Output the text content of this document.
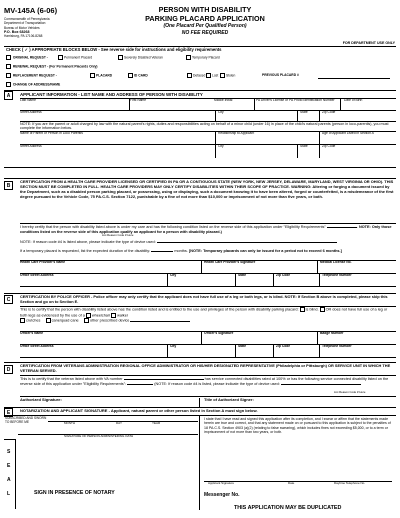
MV-145A (6-06)
Commonwealth of Pennsylvania
Department of Transportation
Bureau of Motor Vehicles
P.O. Box 68268
Harrisburg, PA 17106-8268
PERSON WITH DISABILITY
PARKING PLACARD APPLICATION
(One Placard Per Qualified Person)
NO FEE REQUIRED
FOR DEPARTMENT USE ONLY
CHECK ( ✓ ) APPROPRIATE BLOCKS BELOW - See reverse side for instructions and eligibility requirements
ORIGINAL REQUEST -	Permanent Placard	Severely Disabled Veteran	Temporary Placard
RENEWAL REQUEST - (For Permanent Placards Only)
REPLACEMENT REQUEST -	PLACARD	ID CARD	Defaced	Lost	Stolen	PREVIOUS PLACARD #
CHANGE OF ADDRESS/NAME
A	APPLICANT INFORMATION - LIST NAME AND ADDRESS OF PERSON WITH DISABILITY
Last Name	First Name	Middle Initial	PA Driver's License or PA Photo Identification Number	Date of Birth
Street Address	City	State	Zip Code
NOTE: If you are the parent or adult charged by law with the natural parent's rights, duties and responsibilities acting on behalf of a minor child (under 16) in place of the child's natural parents (person in loco-parentis), you must complete the information below.
Name of Parent or Person in Loco Parentis	Relationship to Applicant	Age of Applicant Listed in Section A
Street Address	City	State	Zip Code
B
CERTIFICATION FROM A HEALTH CARE PROVIDER LICENSED OR CERTIFIED IN PA OR A CONTIGUOUS STATE (NEW YORK, NEW JERSEY, DELAWARE, MARYLAND, WEST VIRGINIA OR OHIO). THIS SECTION MUST BE COMPLETED IN FULL. HEALTH CARE PROVIDERS MAY ONLY CERTIFY DISABILITIES WITHIN THEIR SCOPE OF PRACTICE. WARNING: Altering or forging a document issued by the Department, such as a disabled person parking placard, or possessing, using or displaying, such a document knowing it to have been altered, forged or counterfeited, is a misdemeanor of the first degree pursuant to the Vehicle Code, 75 PA.C.S. Section 7122, punishable by a fine of not more than $10,000 or imprisonment of not more than five years, or both.
I hereby certify that the person with disability listed above is under my care and has the following condition listed on the reverse side of this application under "Eligibility Requirements"	. NOTE: Only those conditions listed on the reverse side of this application qualify an applicant for a person with disability placard.)
List Reason Code # Here
NOTE: If reason code #4 is listed above, please indicate the type of device used:
If a temporary placard is requested, list the expected duration of the disability:	months. [NOTE: Temporary placards can only be issued for a period not to exceed 6 months.]
Health Care Provider's Name	Health Care Provider's Signature	Medical License No.
Office Street Address	City	State	Zip Code	Telephone Number
C
CERTIFICATION BY POLICE OFFICER - Police officer may only certify that the applicant does not have full use of a leg or both legs, or is blind. NOTE: If Section B above is completed, please skip this Section and go on to Section E.
This is to certify that the person with disability listed above has the condition listed and is entitled to the use and privileges of the person with disability parking placard: is blind. OR does not have full use of a leg or both legs as evidenced by the use of a wheelchair walker
crutches	cane/quad cane	other prescribed device
Officer's Name	Officer's Signature	Badge Number
Office Street Address	City	State	Zip Code	Telephone Number
D
CERTIFICATION FROM VETERANS ADMINISTRATION REGIONAL OFFICE ADMINISTRATOR OR HIS/HER DESIGNATED REPRESENTATIVE (Philadelphia or Pittsburgh) OR SERVICE UNIT IN WHICH THE VETERAN SERVED.
This is to certify that the veteran listed above with VA number	has service connected disabilities rated at 100% or has the following service connected disability listed on the reverse side of this application under "Eligibility Requirements":	(NOTE: If reason code #4 is listed, please indicate the type of device used:
List Reason Code # Here
Authorized Signature:	Title of Authorized Signer:
E	NOTARIZATION AND APPLICANT SIGNATURE - Applicant, natural parent or other person listed in Section A must sign below.
SUBSCRIBED AND SWORN TO BEFORE ME	MONTH	DAY	YEAR
SIGNATURE OF PERSON ADMINISTERING OATH
S
E
A
L	SIGN IN PRESENCE OF NOTARY
I state that I have read and signed this application after its completion, and I swear or affirm that the statements made herein are true and correct, and that any statement made on or pursuant to this application is subject to the penalties of 18 PA.C.S. Section 4903 (a)(2) (relating to false swearing), which includes fines not exceeding $5,000, or to a term or imprisonment of not more than two years, or both.
Applicant Signature	Date	Daytime Telephone No.
Messenger No.
THIS APPLICATION MAY BE DUPLICATED
